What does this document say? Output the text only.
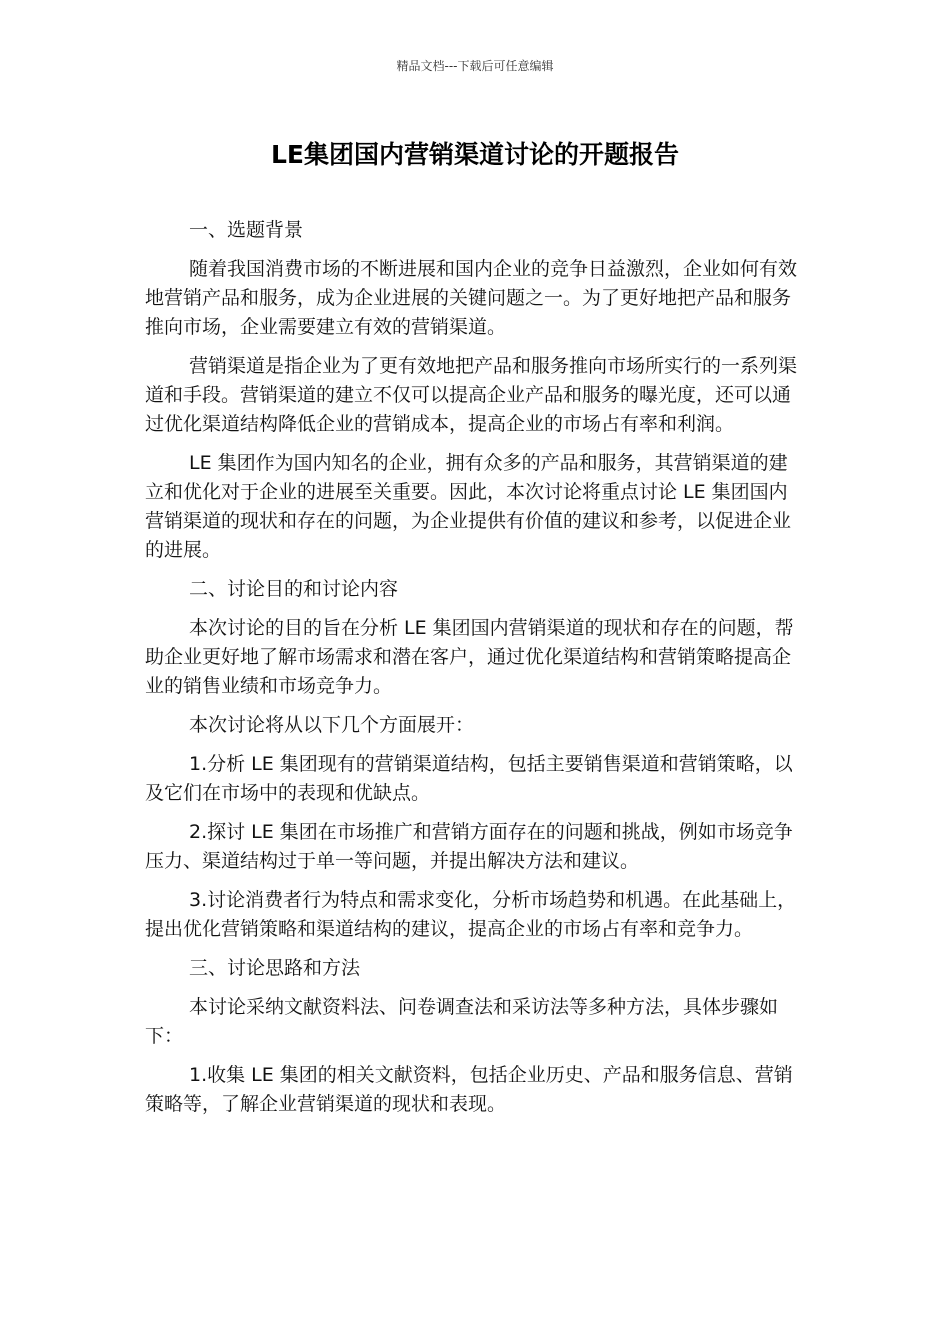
精品文档---下载后可任意编辑
LE集团国内营销渠道讨论的开题报告

一、选题背景

随着我国消费市场的不断进展和国内企业的竞争日益激烈，企业如何有效地营销产品和服务，成为企业进展的关键问题之一。为了更好地把产品和服务推向市场，企业需要建立有效的营销渠道。

营销渠道是指企业为了更有效地把产品和服务推向市场所实行的一系列渠道和手段。营销渠道的建立不仅可以提高企业产品和服务的曝光度，还可以通过优化渠道结构降低企业的营销成本，提高企业的市场占有率和利润。

LE 集团作为国内知名的企业，拥有众多的产品和服务，其营销渠道的建立和优化对于企业的进展至关重要。因此，本次讨论将重点讨论 LE 集团国内营销渠道的现状和存在的问题，为企业提供有价值的建议和参考，以促进企业的进展。

二、讨论目的和讨论内容

本次讨论的目的旨在分析 LE 集团国内营销渠道的现状和存在的问题，帮助企业更好地了解市场需求和潜在客户，通过优化渠道结构和营销策略提高企业的销售业绩和市场竞争力。

本次讨论将从以下几个方面展开：

1.分析 LE 集团现有的营销渠道结构，包括主要销售渠道和营销策略，以及它们在市场中的表现和优缺点。

2.探讨 LE 集团在市场推广和营销方面存在的问题和挑战，例如市场竞争压力、渠道结构过于单一等问题，并提出解决方法和建议。

3.讨论消费者行为特点和需求变化，分析市场趋势和机遇。在此基础上，提出优化营销策略和渠道结构的建议，提高企业的市场占有率和竞争力。

三、讨论思路和方法

本讨论采纳文献资料法、问卷调查法和采访法等多种方法，具体步骤如下：

1.收集 LE 集团的相关文献资料，包括企业历史、产品和服务信息、营销策略等，了解企业营销渠道的现状和表现。
